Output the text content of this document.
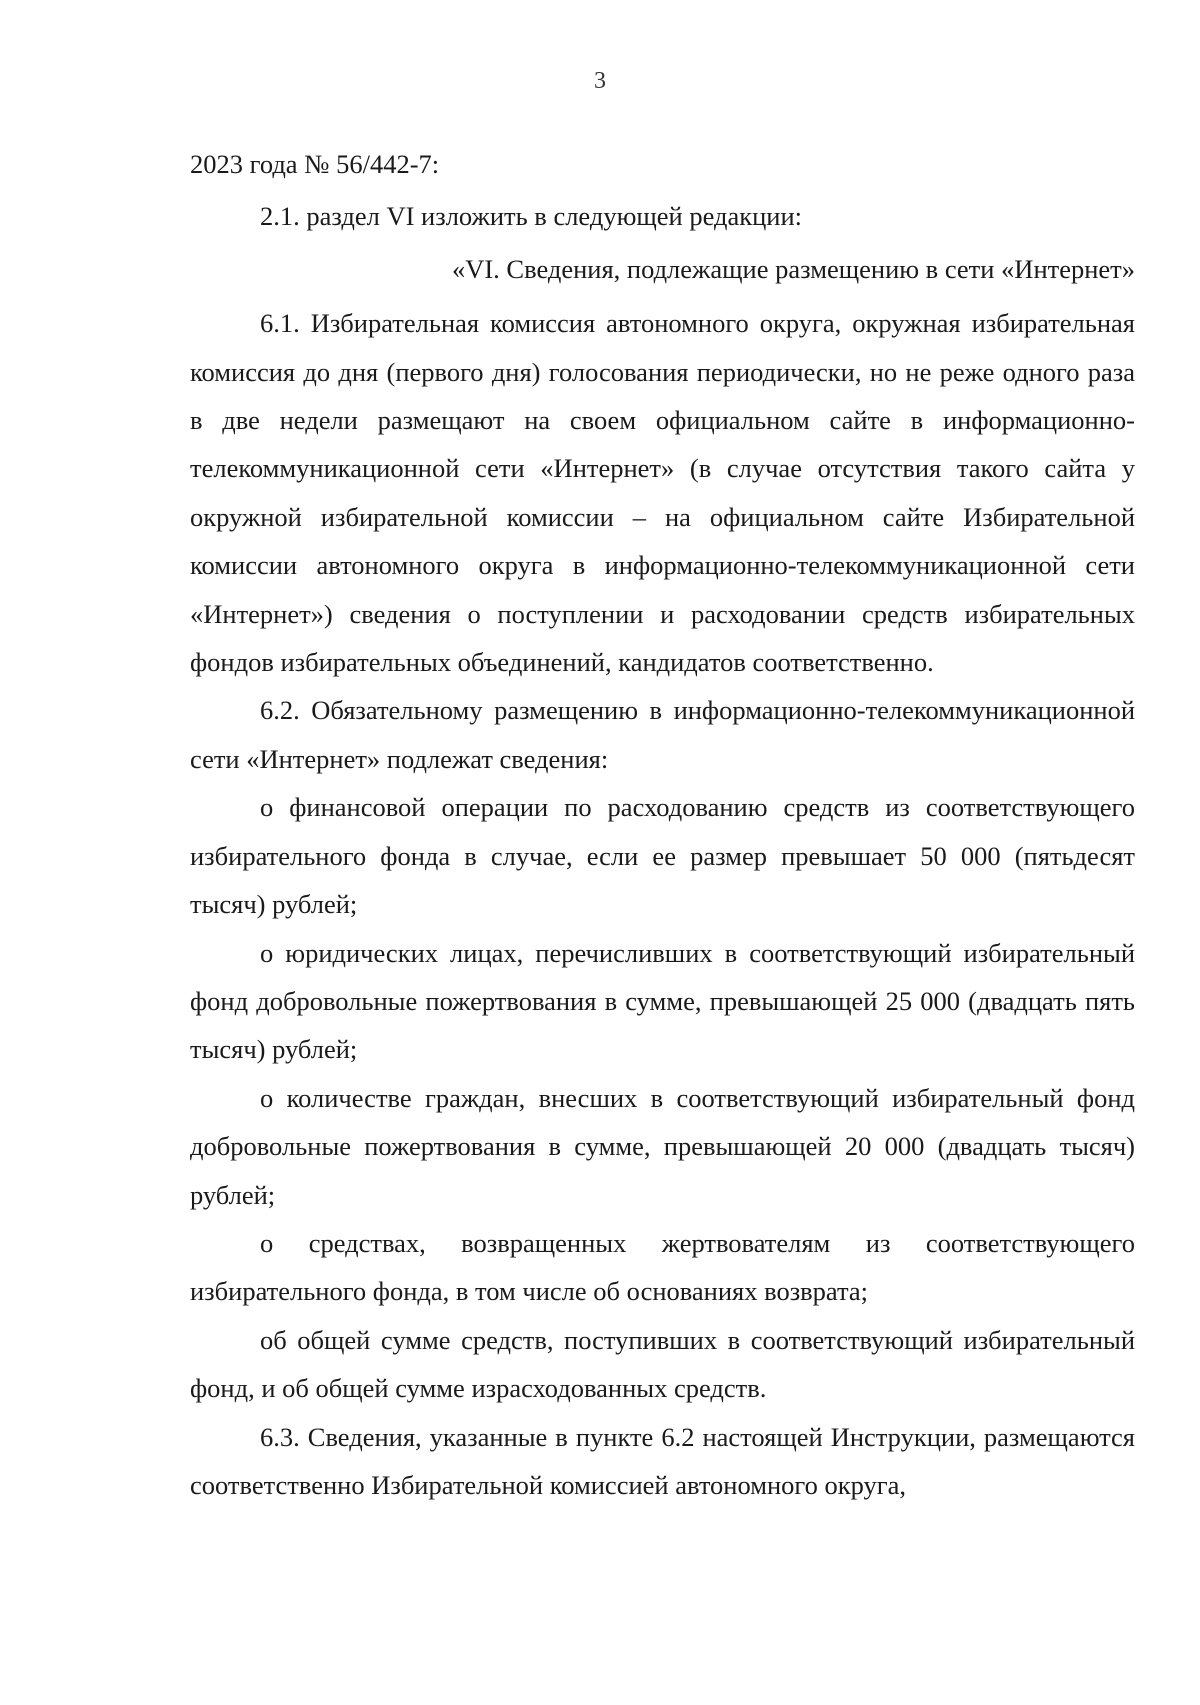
3

2023 года № 56/442-7:

2.1. раздел VI изложить в следующей редакции:

«VI. Сведения, подлежащие размещению в сети «Интернет»

6.1. Избирательная комиссия автономного округа, окружная избирательная комиссия до дня (первого дня) голосования периодически, но не реже одного раза в две недели размещают на своем официальном сайте в информационно-телекоммуникационной сети «Интернет» (в случае отсутствия такого сайта у окружной избирательной комиссии – на официальном сайте Избирательной комиссии автономного округа в информационно-телекоммуникационной сети «Интернет») сведения о поступлении и расходовании средств избирательных фондов избирательных объединений, кандидатов соответственно.

6.2. Обязательному размещению в информационно-телекоммуникационной сети «Интернет» подлежат сведения:

о финансовой операции по расходованию средств из соответствующего избирательного фонда в случае, если ее размер превышает 50 000 (пятьдесят тысяч) рублей;

о юридических лицах, перечисливших в соответствующий избирательный фонд добровольные пожертвования в сумме, превышающей 25 000 (двадцать пять тысяч) рублей;

о количестве граждан, внесших в соответствующий избирательный фонд добровольные пожертвования в сумме, превышающей 20 000 (двадцать тысяч) рублей;

о средствах, возвращенных жертвователям из соответствующего избирательного фонда, в том числе об основаниях возврата;

об общей сумме средств, поступивших в соответствующий избирательный фонд, и об общей сумме израсходованных средств.

6.3. Сведения, указанные в пункте 6.2 настоящей Инструкции, размещаются соответственно Избирательной комиссией автономного округа,
